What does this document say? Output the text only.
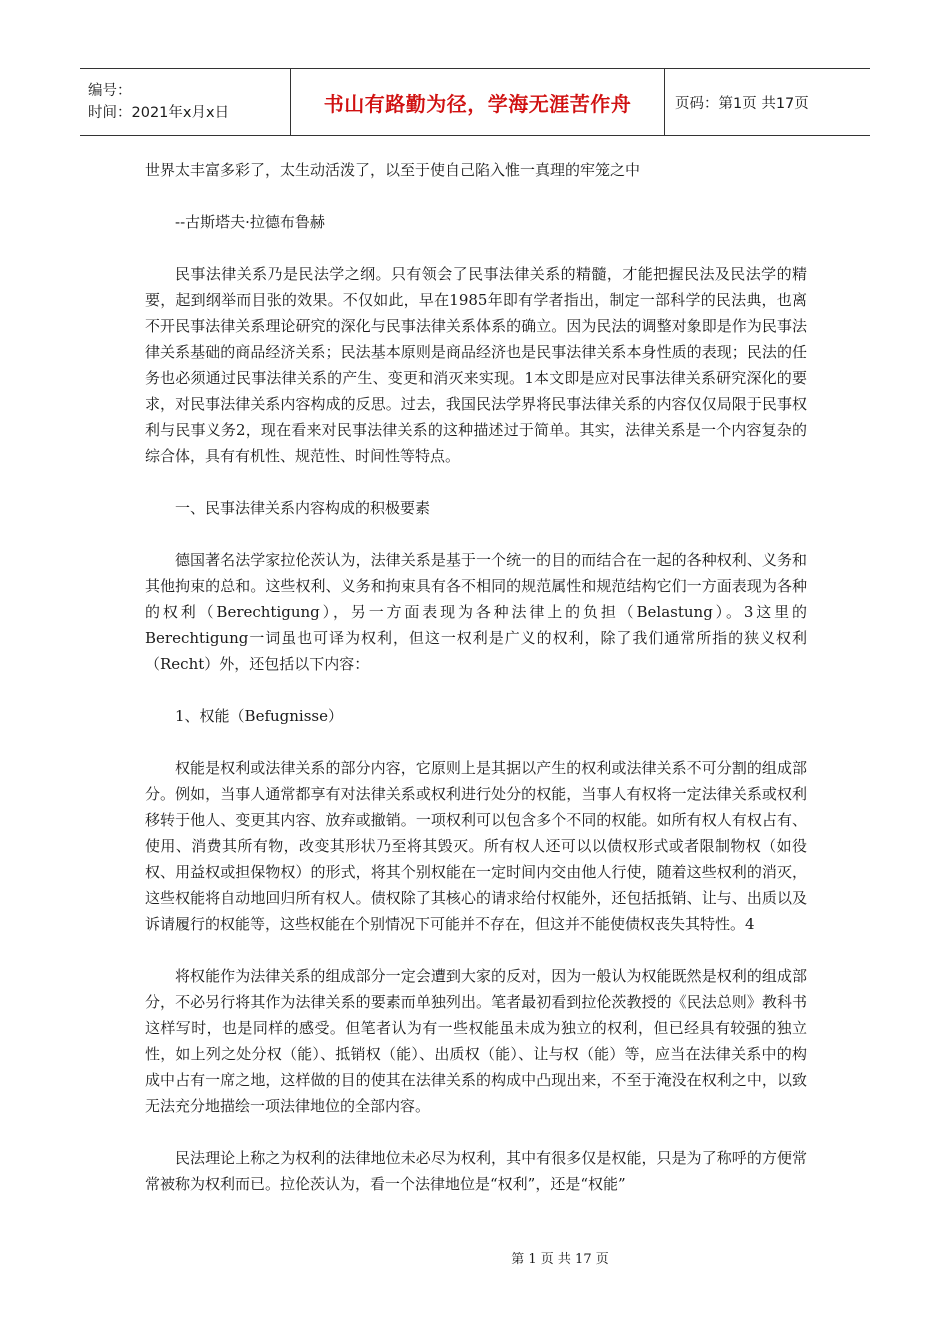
编号：
时间：2021年x月x日	书山有路勤为径，学海无涯苦作舟	页码：第1页 共17页

世界太丰富多彩了，太生动活泼了，以至于使自己陷入惟一真理的牢笼之中

--古斯塔夫·拉德布鲁赫

民事法律关系乃是民法学之纲。只有领会了民事法律关系的精髓，才能把握民法及民法学的精要，起到纲举而目张的效果。不仅如此，早在1985年即有学者指出，制定一部科学的民法典，也离不开民事法律关系理论研究的深化与民事法律关系体系的确立。因为民法的调整对象即是作为民事法律关系基础的商品经济关系；民法基本原则是商品经济也是民事法律关系本身性质的表现；民法的任务也必须通过民事法律关系的产生、变更和消灭来实现。1本文即是应对民事法律关系研究深化的要求，对民事法律关系内容构成的反思。过去，我国民法学界将民事法律关系的内容仅仅局限于民事权利与民事义务2，现在看来对民事法律关系的这种描述过于简单。其实，法律关系是一个内容复杂的综合体，具有有机性、规范性、时间性等特点。

一、民事法律关系内容构成的积极要素

德国著名法学家拉伦茨认为，法律关系是基于一个统一的目的而结合在一起的各种权利、义务和其他拘束的总和。这些权利、义务和拘束具有各不相同的规范属性和规范结构它们一方面表现为各种的权利（Berechtigung），另一方面表现为各种法律上的负担（Belastung）。3这里的Berechtigung一词虽也可译为权利，但这一权利是广义的权利，除了我们通常所指的狭义权利（Recht）外，还包括以下内容：

1、权能（Befugnisse）

权能是权利或法律关系的部分内容，它原则上是其据以产生的权利或法律关系不可分割的组成部分。例如，当事人通常都享有对法律关系或权利进行处分的权能，当事人有权将一定法律关系或权利移转于他人、变更其内容、放弃或撤销。一项权利可以包含多个不同的权能。如所有权人有权占有、使用、消费其所有物，改变其形状乃至将其毁灭。所有权人还可以以债权形式或者限制物权（如役权、用益权或担保物权）的形式，将其个别权能在一定时间内交由他人行使，随着这些权利的消灭，这些权能将自动地回归所有权人。债权除了其核心的请求给付权能外，还包括抵销、让与、出质以及诉请履行的权能等，这些权能在个别情况下可能并不存在，但这并不能使债权丧失其特性。4

将权能作为法律关系的组成部分一定会遭到大家的反对，因为一般认为权能既然是权利的组成部分，不必另行将其作为法律关系的要素而单独列出。笔者最初看到拉伦茨教授的《民法总则》教科书这样写时，也是同样的感受。但笔者认为有一些权能虽未成为独立的权利，但已经具有较强的独立性，如上列之处分权（能）、抵销权（能）、出质权（能）、让与权（能）等，应当在法律关系中的构成中占有一席之地，这样做的目的使其在法律关系的构成中凸现出来，不至于淹没在权利之中，以致无法充分地描绘一项法律地位的全部内容。

民法理论上称之为权利的法律地位未必尽为权利，其中有很多仅是权能，只是为了称呼的方便常常被称为权利而已。拉伦茨认为，看一个法律地位是“权利”，还是“权能”

第 1 页 共 17 页
